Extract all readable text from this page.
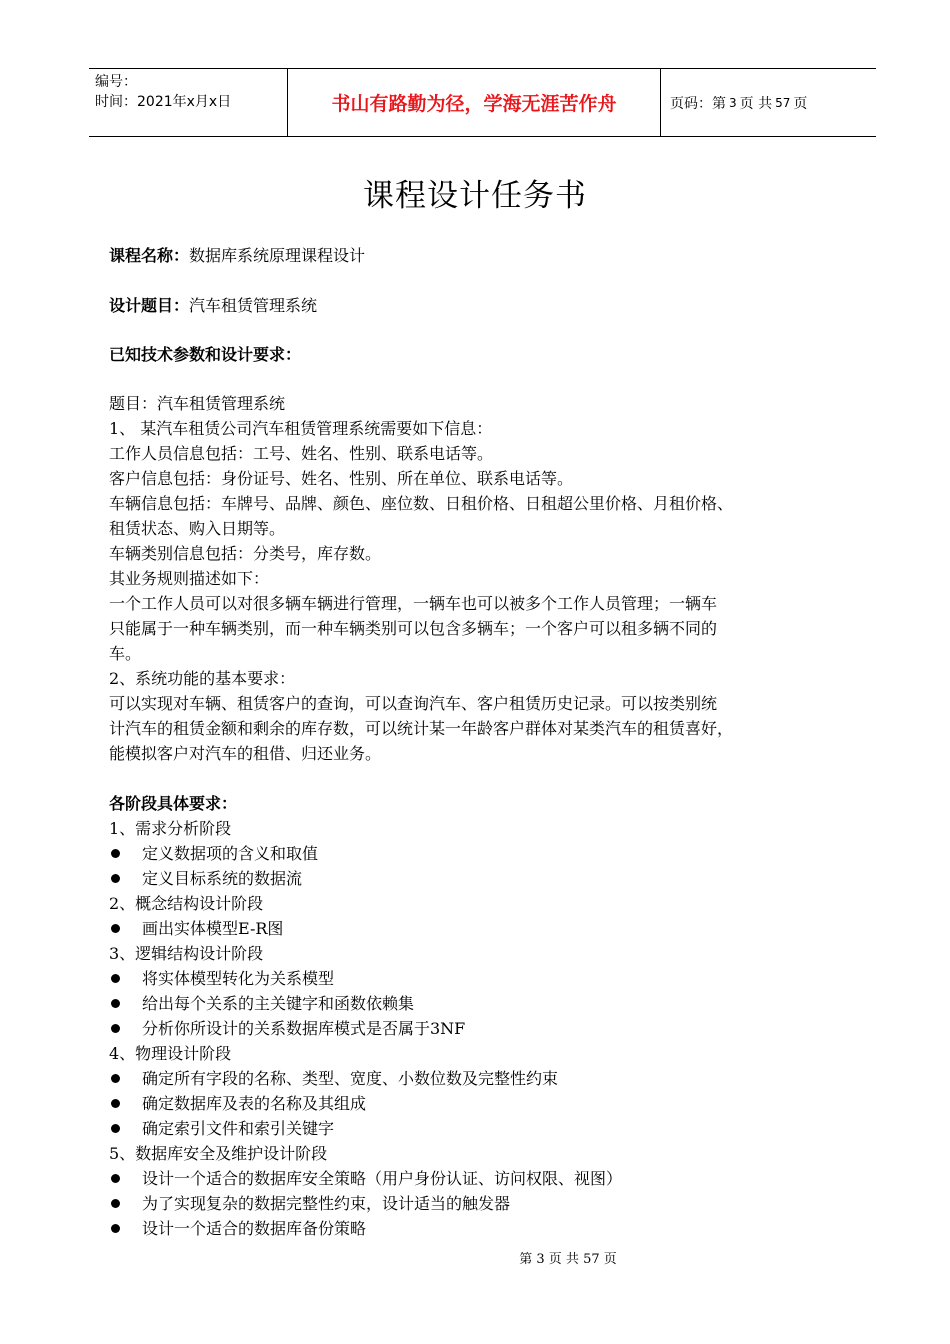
编号：
时间：2021年x月x日	书山有路勤为径，学海无涯苦作舟	页码：第 3 页 共 57 页
课程设计任务书
课程名称：数据库系统原理课程设计
设计题目：汽车租赁管理系统
已知技术参数和设计要求：
题目：汽车租赁管理系统
1、 某汽车租赁公司汽车租赁管理系统需要如下信息：
工作人员信息包括：工号、姓名、性别、联系电话等。
客户信息包括：身份证号、姓名、性别、所在单位、联系电话等。
车辆信息包括：车牌号、品牌、颜色、座位数、日租价格、日租超公里价格、月租价格、
租赁状态、购入日期等。
车辆类别信息包括：分类号，库存数。
其业务规则描述如下：
一个工作人员可以对很多辆车辆进行管理，一辆车也可以被多个工作人员管理；一辆车
只能属于一种车辆类别，而一种车辆类别可以包含多辆车；一个客户可以租多辆不同的
车。
2、系统功能的基本要求：
可以实现对车辆、租赁客户的查询，可以查询汽车、客户租赁历史记录。可以按类别统
计汽车的租赁金额和剩余的库存数，可以统计某一年龄客户群体对某类汽车的租赁喜好，
能模拟客户对汽车的租借、归还业务。
各阶段具体要求：
1、需求分析阶段
定义数据项的含义和取值
定义目标系统的数据流
2、概念结构设计阶段
画出实体模型E-R图
3、逻辑结构设计阶段
将实体模型转化为关系模型
给出每个关系的主关键字和函数依赖集
分析你所设计的关系数据库模式是否属于3NF
4、物理设计阶段
确定所有字段的名称、类型、宽度、小数位数及完整性约束
确定数据库及表的名称及其组成
确定索引文件和索引关键字
5、数据库安全及维护设计阶段
设计一个适合的数据库安全策略（用户身份认证、访问权限、视图）
为了实现复杂的数据完整性约束，设计适当的触发器
设计一个适合的数据库备份策略
第 3 页 共 57 页
